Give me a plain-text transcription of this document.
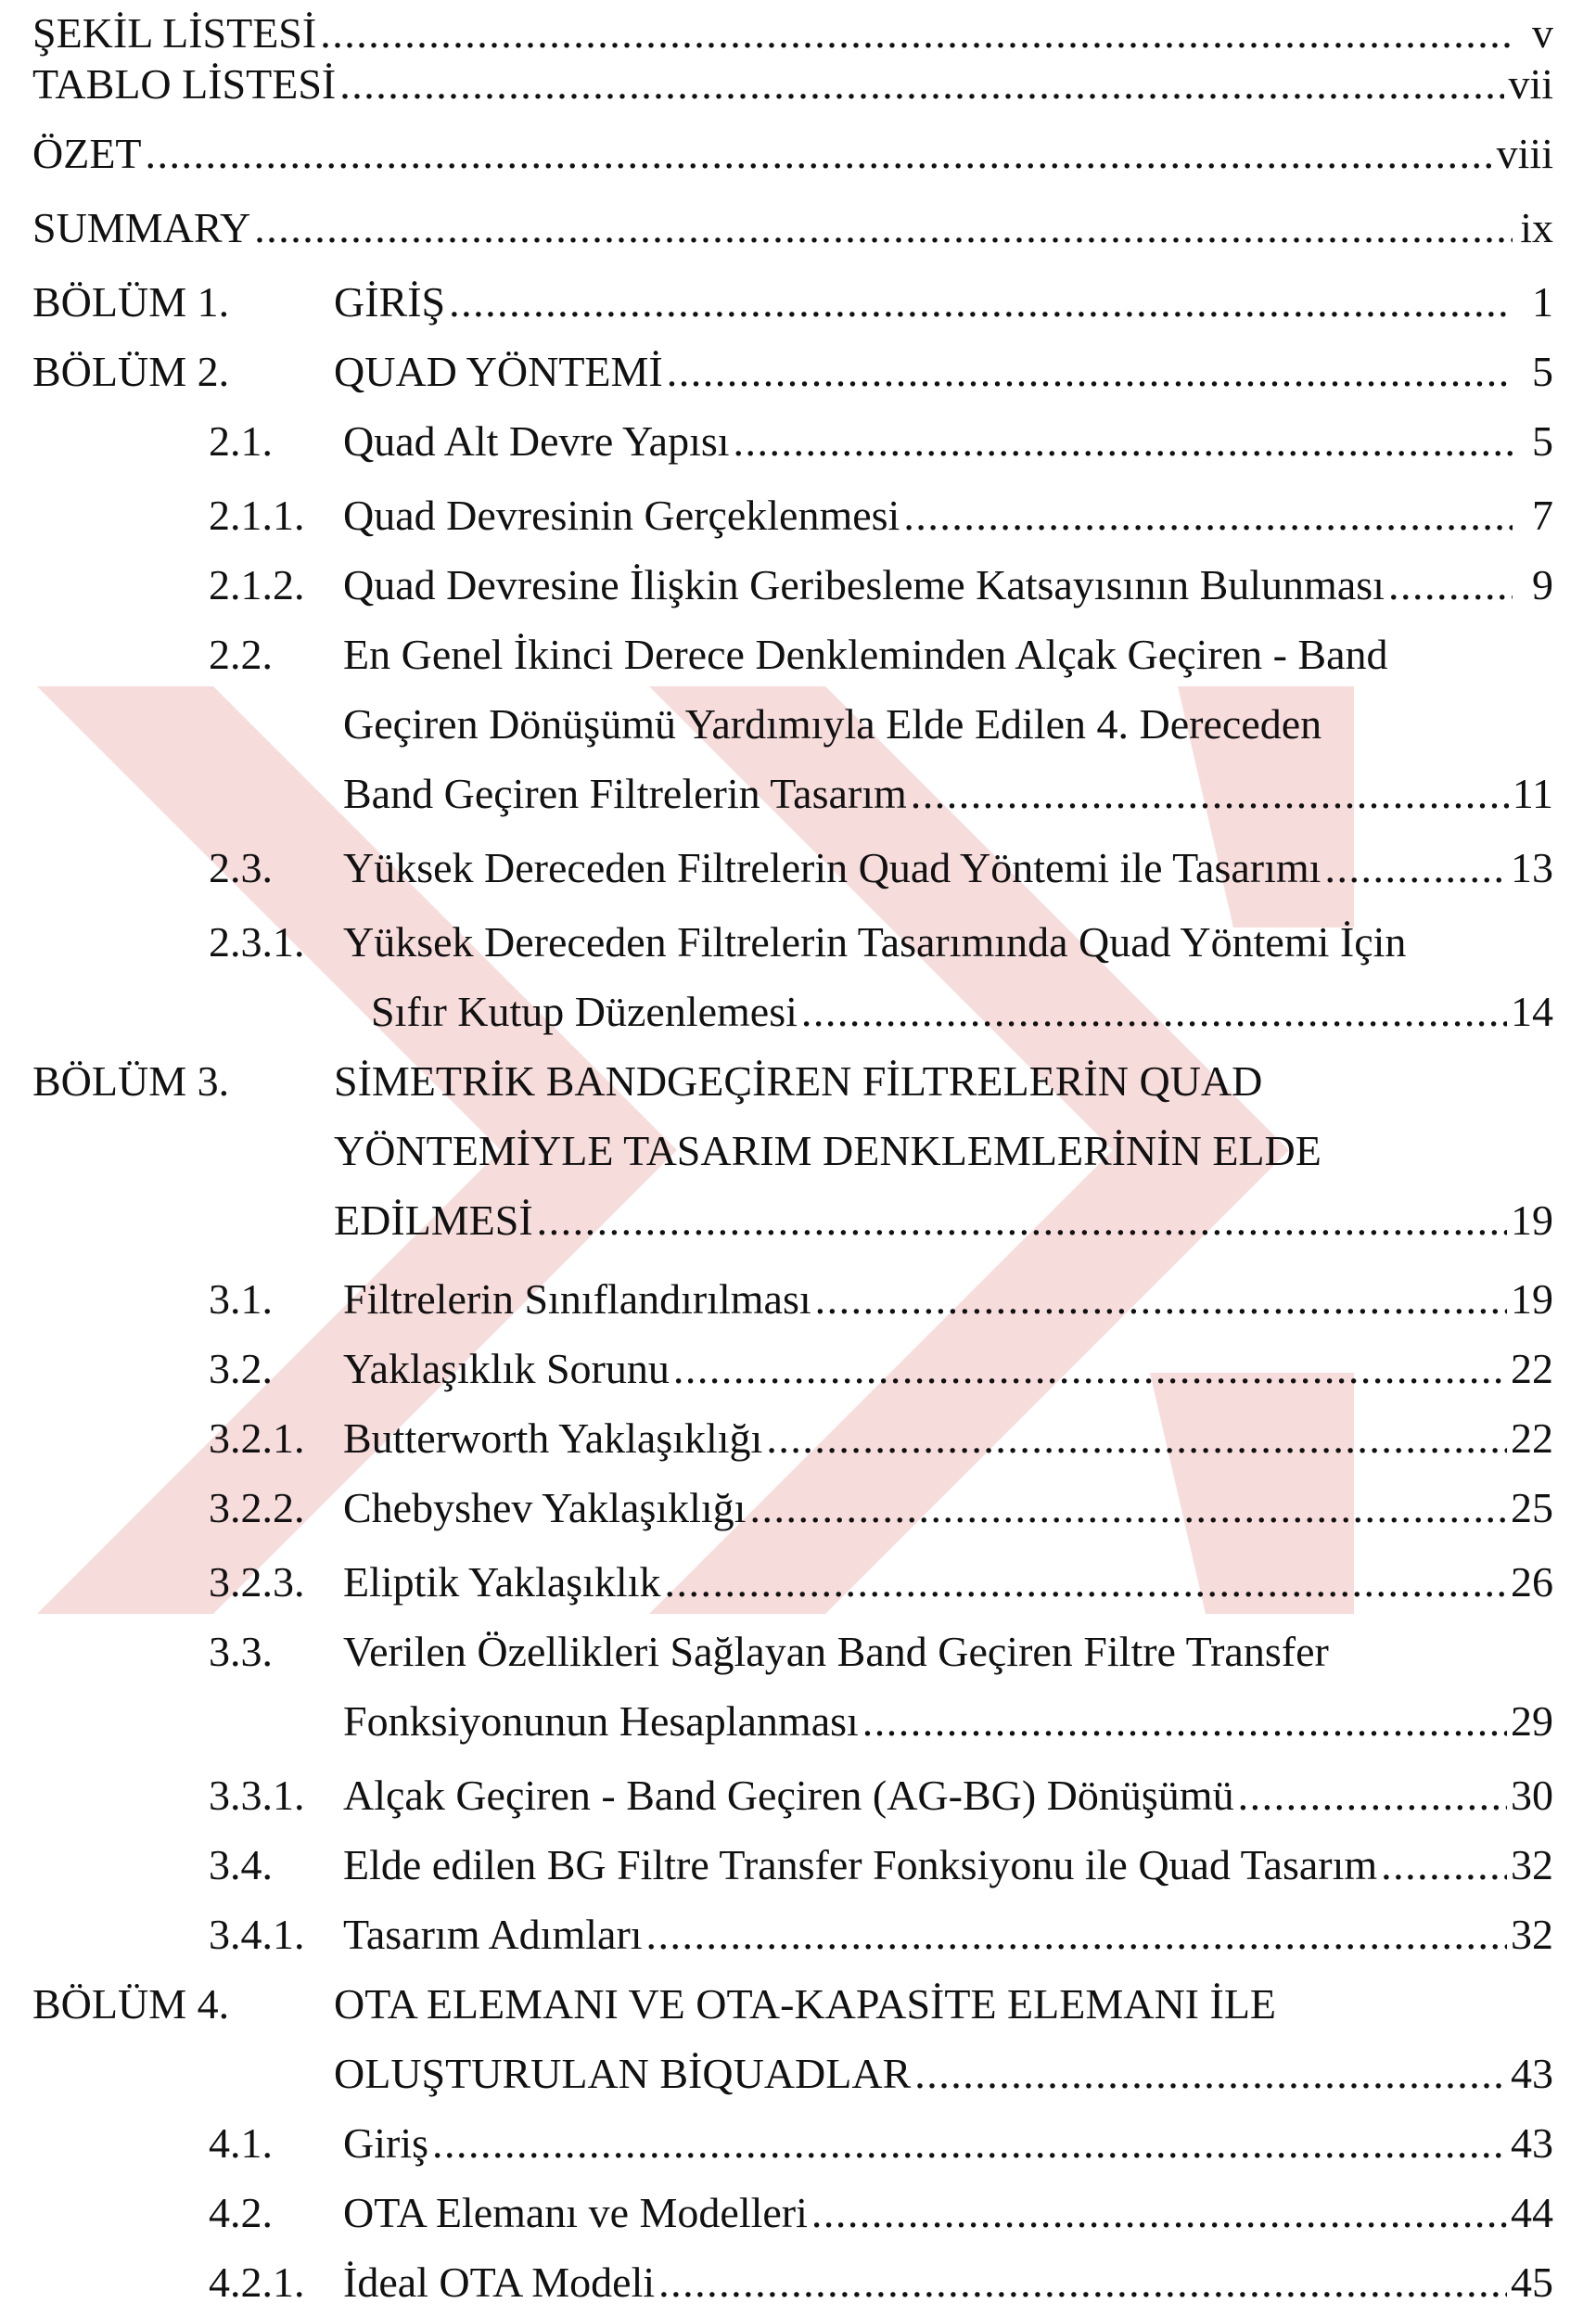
ŞEKİL LİSTESİ . . .	v
TABLO LİSTESİ . . .	vii
ÖZET . . .	viii
SUMMARY . . .	ix
BÖLÜM 1. GİRİŞ . . .	1
BÖLÜM 2. QUAD YÖNTEMİ . . .	5
2.1. Quad Alt Devre Yapısı . . .	5
2.1.1. Quad Devresinin Gerçeklenmesi . . .	7
2.1.2. Quad Devresine İlişkin Geribesleme Katsayısının Bulunması . . .	9
2.2. En Genel İkinci Derece Denkleminden Alçak Geçiren - Band
Geçiren Dönüşümü Yardımıyla Elde Edilen 4. Dereceden
Band Geçiren Filtrelerin Tasarım . . .	11
2.3. Yüksek Dereceden Filtrelerin Quad Yöntemi ile Tasarımı . . .	13
2.3.1. Yüksek Dereceden Filtrelerin Tasarımında Quad Yöntemi İçin
Sıfır Kutup Düzenlemesi . . .	14
BÖLÜM 3. SİMETRİK BANDGEÇİREN FİLTRELERİN QUAD
YÖNTEMİYLE TASARIM DENKLEMLERİNİN ELDE
EDİLMESİ . . .	19
3.1. Filtrelerin Sınıflandırılması . . .	19
3.2. Yaklaşıklık Sorunu . . .	22
3.2.1. Butterworth Yaklaşıklığı . . .	22
3.2.2. Chebyshev Yaklaşıklığı . . .	25
3.2.3. Eliptik Yaklaşıklık . . .	26
3.3. Verilen Özellikleri Sağlayan Band Geçiren Filtre Transfer
Fonksiyonunun Hesaplanması . . .	29
3.3.1. Alçak Geçiren - Band Geçiren (AG-BG) Dönüşümü . . .	30
3.4. Elde edilen BG Filtre Transfer Fonksiyonu ile Quad Tasarım . . .	32
3.4.1. Tasarım Adımları . . .	32
BÖLÜM 4. OTA ELEMANI VE OTA-KAPASİTE ELEMANI İLE
OLUŞTURULAN BİQUADLAR . . .	43
4.1. Giriş . . .	43
4.2. OTA Elemanı ve Modelleri . . .	44
4.2.1. İdeal OTA Modeli . . .	45
